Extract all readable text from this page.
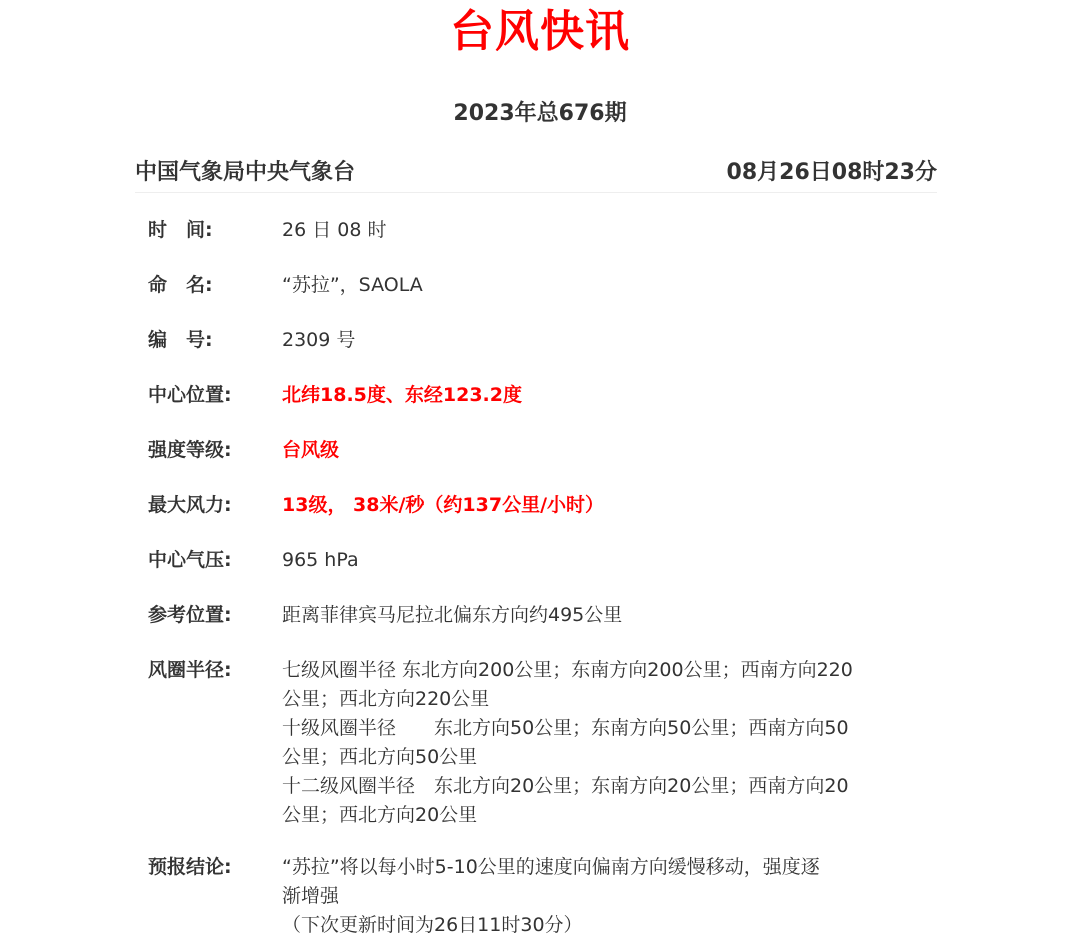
台风快讯
2023年总676期
中国气象局中央气象台	08月26日08时23分
时　间:	26 日 08 时
命　名:	“苏拉”，SAOLA
编　号:	2309 号
中心位置:	北纬18.5度、东经123.2度
强度等级:	台风级
最大风力:	13级， 38米/秒（约137公里/小时）
中心气压:	965 hPa
参考位置:	距离菲律宾马尼拉北偏东方向约495公里
风圈半径:	七级风圈半径 东北方向200公里；东南方向200公里；西南方向220
公里；西北方向220公里
十级风圈半径　　东北方向50公里；东南方向50公里；西南方向50
公里；西北方向50公里
十二级风圈半径　东北方向20公里；东南方向20公里；西南方向20
公里；西北方向20公里
预报结论:	“苏拉”将以每小时5-10公里的速度向偏南方向缓慢移动，强度逐
渐增强
（下次更新时间为26日11时30分）
